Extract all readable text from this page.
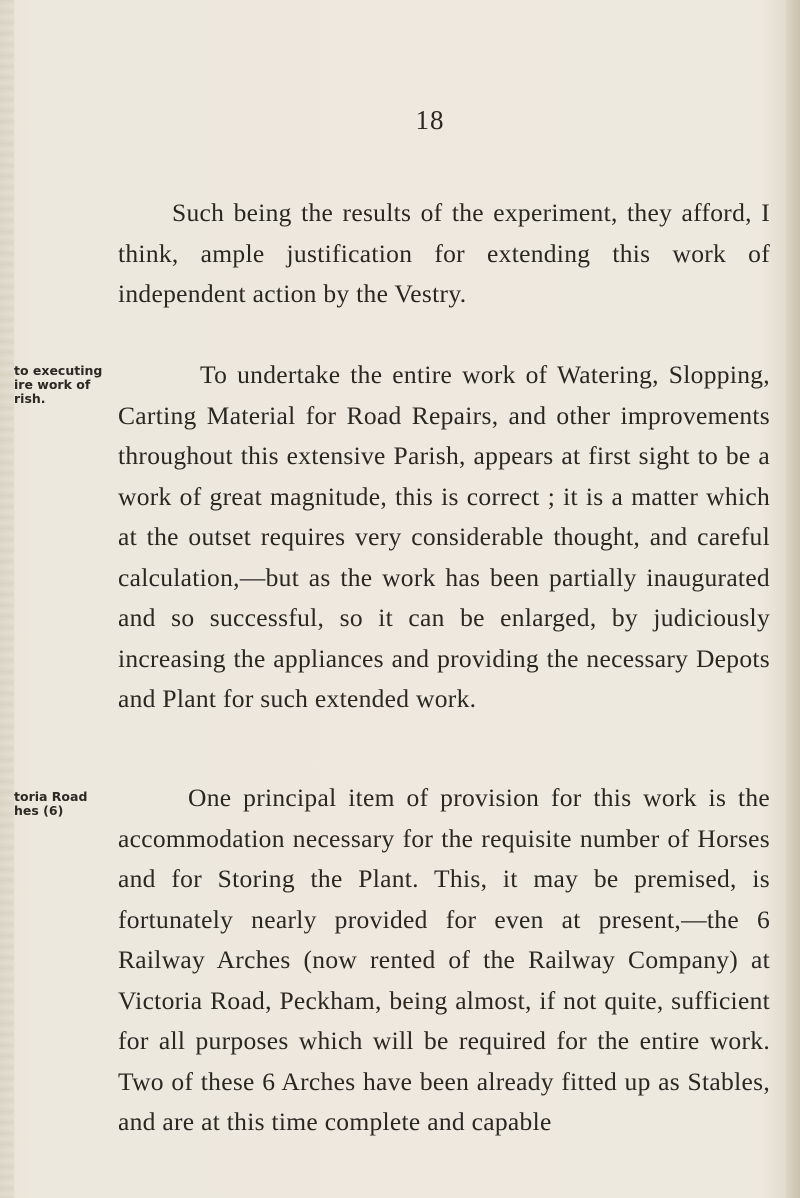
18
to executing
ire work of
rish.
toria Road
hes (6)

Such being the results of the experiment, they afford, I think, ample justification for extending this work of independent action by the Vestry.

To undertake the entire work of Watering, Slopping, Carting Material for Road Repairs, and other improvements throughout this extensive Parish, appears at first sight to be a work of great magnitude, this is correct ; it is a matter which at the outset requires very considerable thought, and careful calculation,—but as the work has been partially inaugurated and so successful, so it can be enlarged, by judiciously increasing the appliances and providing the necessary Depots and Plant for such extended work.

One principal item of provision for this work is the accommodation necessary for the requisite number of Horses and for Storing the Plant. This, it may be premised, is fortunately nearly provided for even at present,—the 6 Railway Arches (now rented of the Railway Company) at Victoria Road, Peckham, being almost, if not quite, sufficient for all purposes which will be required for the entire work. Two of these 6 Arches have been already fitted up as Stables, and are at this time complete and capable
